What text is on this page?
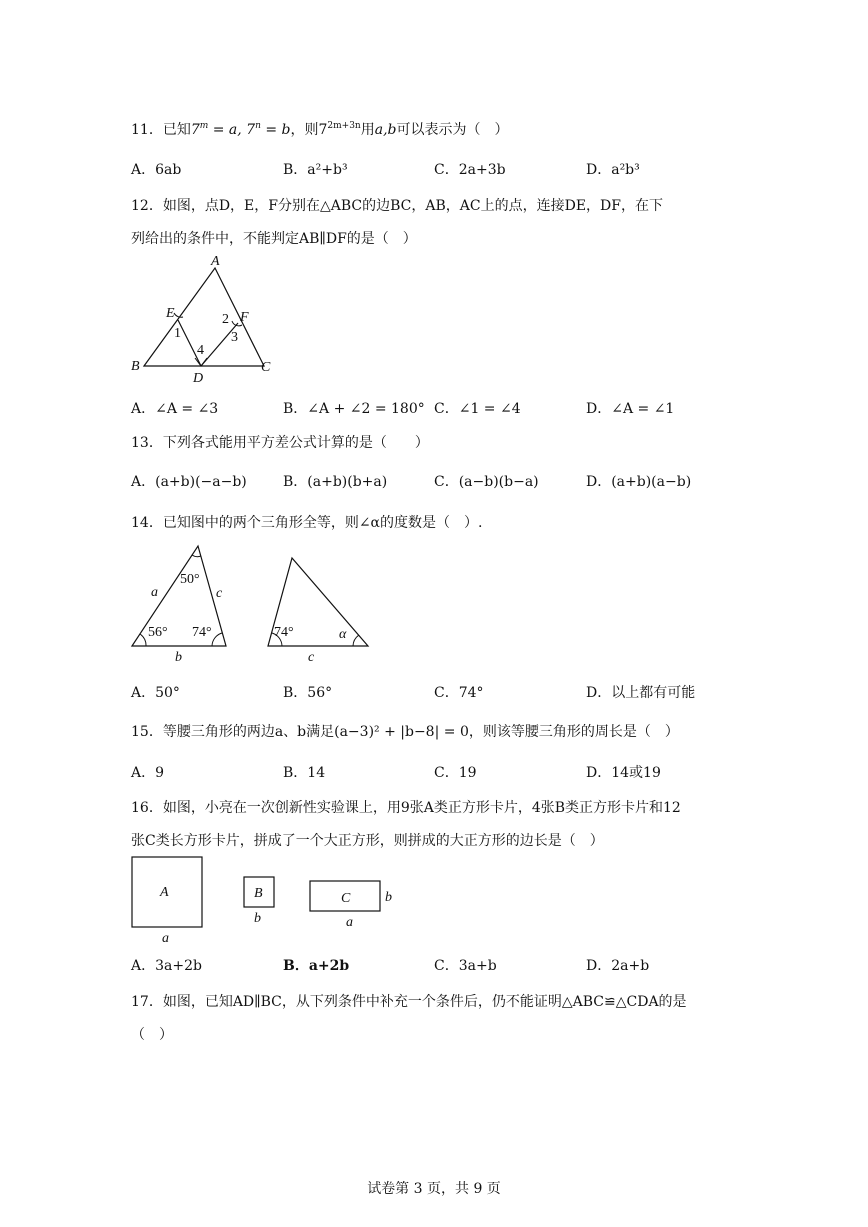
11．已知$7^m = a$, $7^n = b$，则$7^{2m+3n}$用a,b可以表示为（　）
A．6ab	B．a²+b³	C．2a+3b	D．a²b³
12．如图，点D，E，F分别在△ABC的边BC，AB，AC上的点，连接DE，DF，在下
列给出的条件中，不能判定AB∥DF的是（　）
A
E	F
B	C
D
1
2
3
4
A．∠A = ∠3	B．∠A + ∠2 = 180° C．∠1 = ∠4	D．∠A = ∠1
13．下列各式能用平方差公式计算的是（　　）
A．(a+b)(−a−b)	B．(a+b)(b+a)	C．(a−b)(b−a)	D．(a+b)(a−b)
14．已知图中的两个三角形全等，则∠α的度数是（　）.
50°
a	c
56° 74°
b
74°	α
c
A．50°	B．56°	C．74°	D．以上都有可能
15．等腰三角形的两边a、b满足(a−3)² + |b−8| = 0，则该等腰三角形的周长是（　）
A．9	B．14	C．19	D．14或19
16．如图，小亮在一次创新性实验课上，用9张A类正方形卡片，4张B类正方形卡片和12
张C类长方形卡片，拼成了一个大正方形，则拼成的大正方形的边长是（　）
A
a
B
b
C b
a
A．3a+2b	B．a+2b	C．3a+b	D．2a+b
17．如图，已知AD∥BC，从下列条件中补充一个条件后，仍不能证明△ABC≌△CDA的是
（　）
试卷第 3 页，共 9 页
